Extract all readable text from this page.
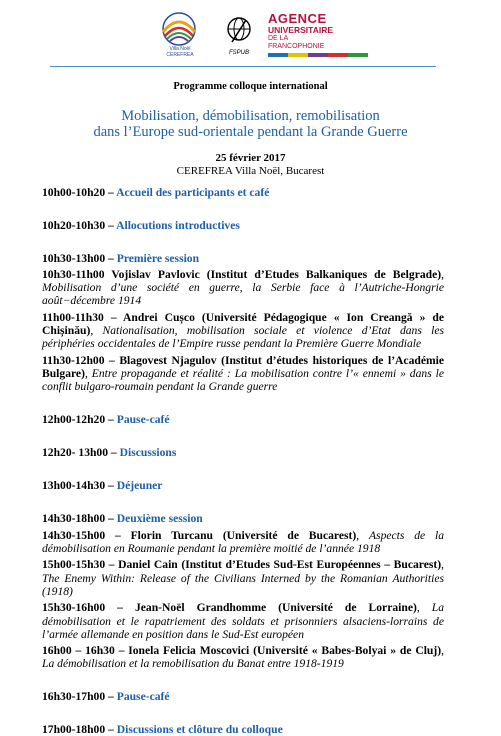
Villa Noël CEREFREA	FSPUB
AGENCE
UNIVERSITAIRE
DE LA
FRANCOPHONIE
Programme colloque international
Mobilisation, démobilisation, remobilisation
dans l’Europe sud-orientale pendant la Grande Guerre
25 février 2017
CEREFREA Villa Noël, Bucarest

10h00-10h20 – Accueil des participants et café

10h20-10h30 – Allocutions introductives

10h30-13h00 – Première session

10h30-11h00 Vojislav Pavlovic (Institut d’Etudes Balkaniques de Belgrade), Mobilisation d’une société en guerre, la Serbie face à l’Autriche-Hongrie août−décembre 1914

11h00-11h30 – Andrei Cușco (Université Pédagogique « Ion Creangă » de Chișinău), Nationalisation, mobilisation sociale et violence d’Etat dans les périphéries occidentales de l’Empire russe pendant la Première Guerre Mondiale

11h30-12h00 – Blagovest Njagulov (Institut d’études historiques de l’Académie Bulgare), Entre propagande et réalité : La mobilisation contre l’« ennemi » dans le conflit bulgaro-roumain pendant la Grande guerre

12h00-12h20 – Pause-café

12h20- 13h00 – Discussions

13h00-14h30 – Déjeuner

14h30-18h00 – Deuxième session

14h30-15h00 – Florin Turcanu (Université de Bucarest), Aspects de la démobilisation en Roumanie pendant la première moitié de l’année 1918

15h00-15h30 – Daniel Cain (Institut d’Etudes Sud-Est Européennes – Bucarest), The Enemy Within: Release of the Civilians Interned by the Romanian Authorities (1918)

15h30-16h00 – Jean-Noël Grandhomme (Université de Lorraine), La démobilisation et le rapatriement des soldats et prisonniers alsaciens-lorrains de l’armée allemande en position dans le Sud-Est européen

16h00 – 16h30 – Ionela Felicia Moscovici (Université « Babes-Bolyai » de Cluj), La démobilisation et la remobilisation du Banat entre 1918-1919

16h30-17h00 – Pause-café

17h00-18h00 – Discussions et clôture du colloque
